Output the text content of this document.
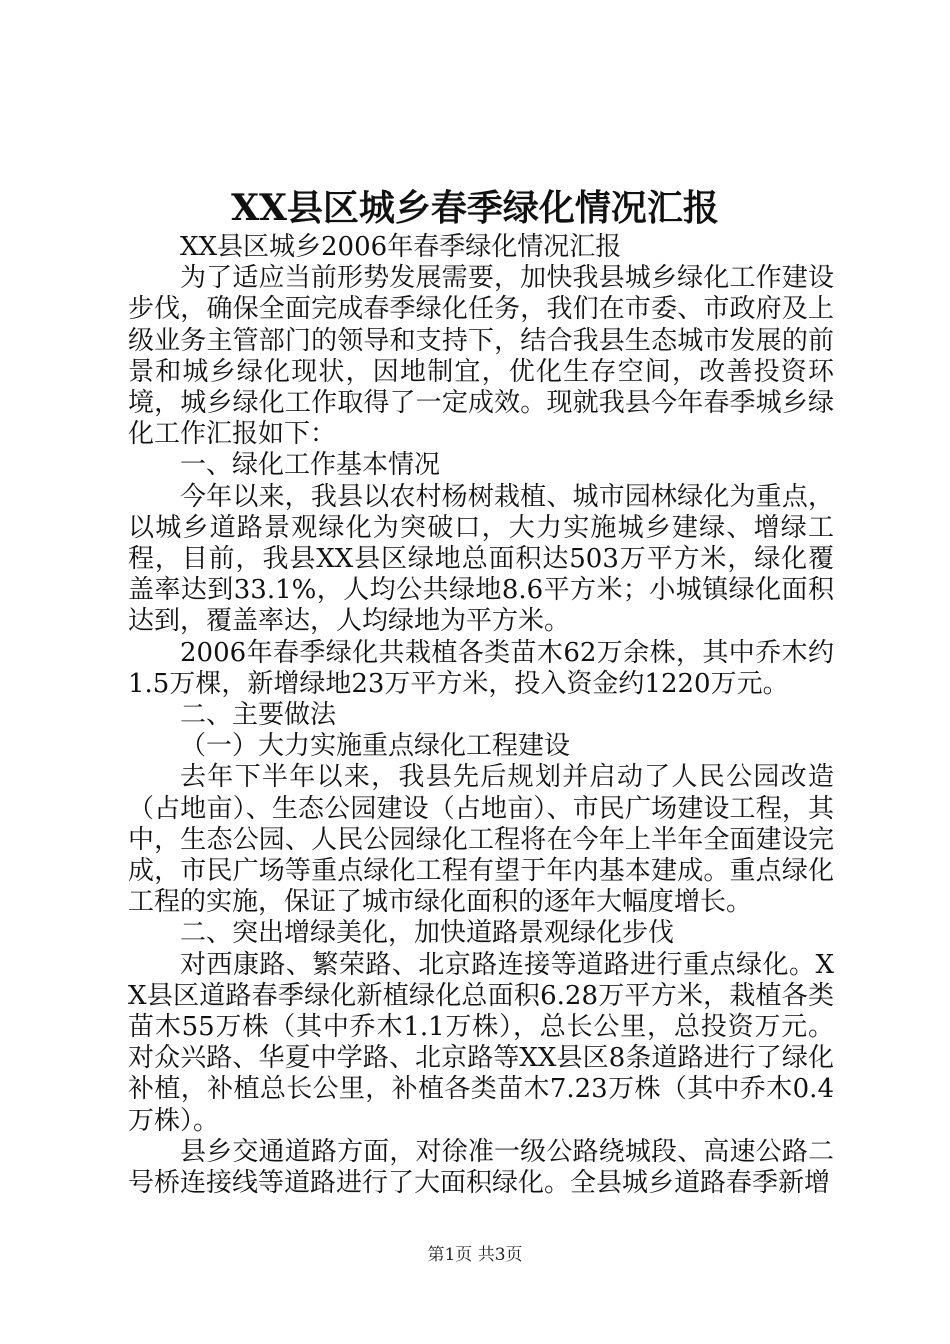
XX县区城乡春季绿化情况汇报

XX县区城乡2006年春季绿化情况汇报

为了适应当前形势发展需要，加快我县城乡绿化工作建设步伐，确保全面完成春季绿化任务，我们在市委、市政府及上级业务主管部门的领导和支持下，结合我县生态城市发展的前景和城乡绿化现状，因地制宜，优化生存空间，改善投资环境，城乡绿化工作取得了一定成效。现就我县今年春季城乡绿化工作汇报如下：

一、绿化工作基本情况

今年以来，我县以农村杨树栽植、城市园林绿化为重点，以城乡道路景观绿化为突破口，大力实施城乡建绿、增绿工程，目前，我县XX县区绿地总面积达503万平方米，绿化覆盖率达到33.1%，人均公共绿地8.6平方米；小城镇绿化面积达到，覆盖率达，人均绿地为平方米。

2006年春季绿化共栽植各类苗木62万余株，其中乔木约1.5万棵，新增绿地23万平方米，投入资金约1220万元。

二、主要做法

（一）大力实施重点绿化工程建设

去年下半年以来，我县先后规划并启动了人民公园改造（占地亩）、生态公园建设（占地亩）、市民广场建设工程，其中，生态公园、人民公园绿化工程将在今年上半年全面建设完成，市民广场等重点绿化工程有望于年内基本建成。重点绿化工程的实施，保证了城市绿化面积的逐年大幅度增长。

二、突出增绿美化，加快道路景观绿化步伐

对西康路、繁荣路、北京路连接等道路进行重点绿化。XX县区道路春季绿化新植绿化总面积6.28万平方米，栽植各类苗木55万株（其中乔木1.1万株），总长公里，总投资万元。对众兴路、华夏中学路、北京路等XX县区8条道路进行了绿化补植，补植总长公里，补植各类苗木7.23万株（其中乔木0.4万株）。

县乡交通道路方面，对徐准一级公路绕城段、高速公路二号桥连接线等道路进行了大面积绿化。全县城乡道路春季新增

第1页 共3页
